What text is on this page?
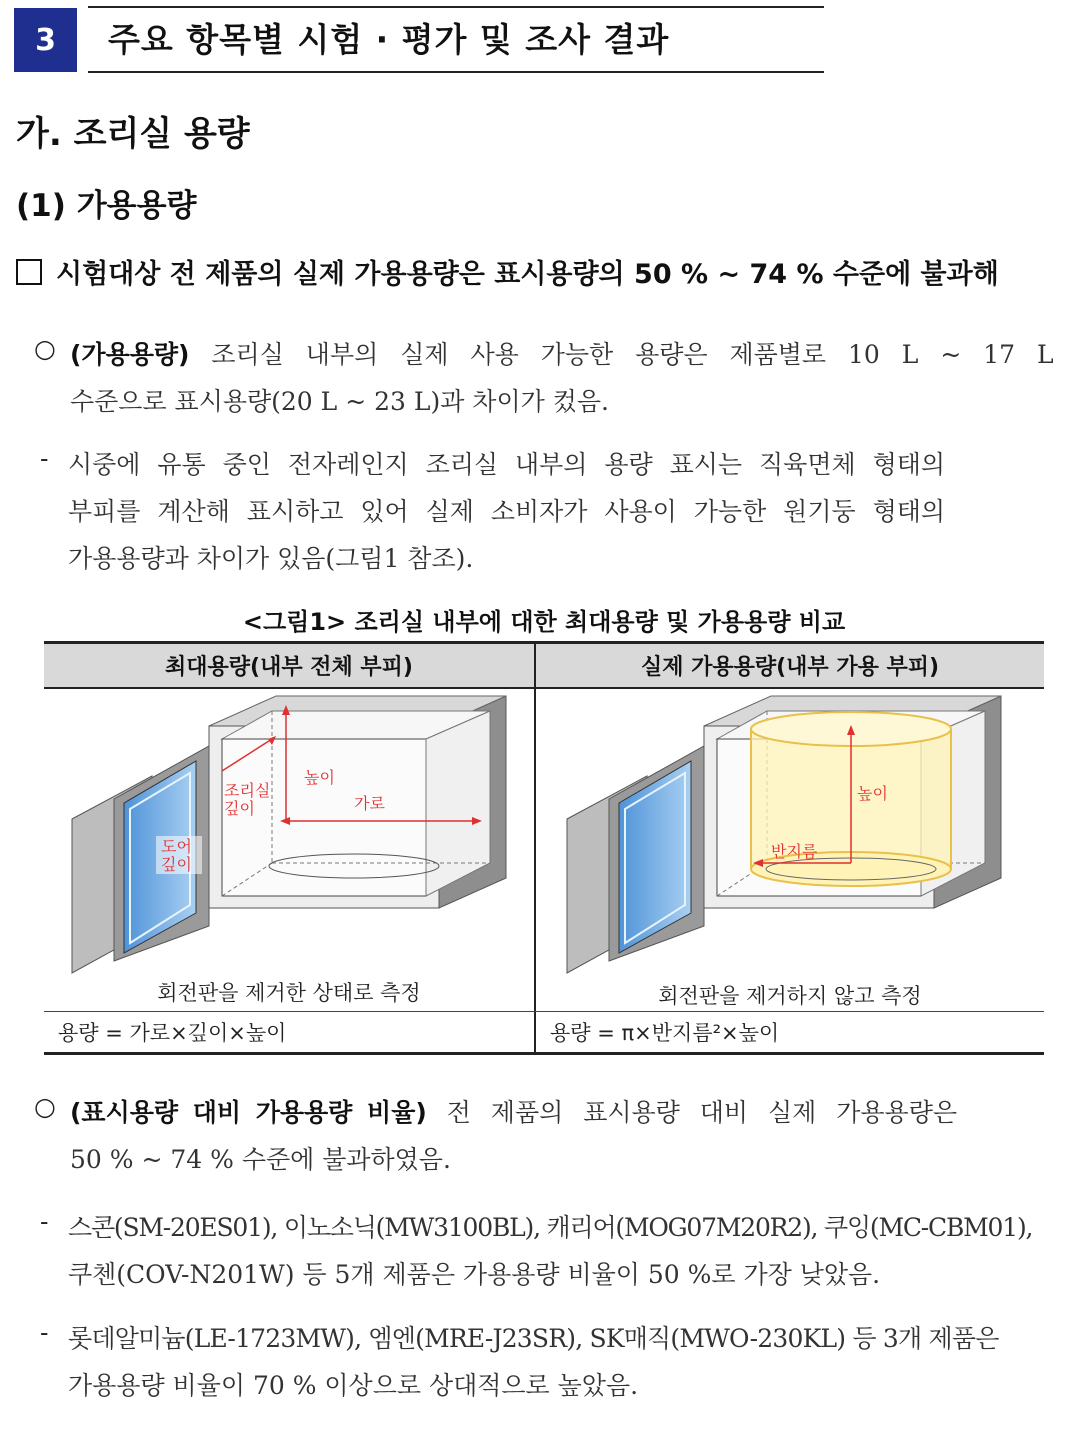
3	주요 항목별 시험 · 평가 및 조사 결과
가. 조리실 용량
(1) 가용용량
시험대상 전 제품의 실제 가용용량은 표시용량의 50 % ~ 74 % 수준에 불과해
○ (가용용량) 조리실 내부의 실제 사용 가능한 용량은 제품별로 10 L ~ 17 L
수준으로 표시용량(20 L ~ 23 L)과 차이가 컸음.
- 시중에 유통 중인 전자레인지 조리실 내부의 용량 표시는 직육면체 형태의
부피를 계산해 표시하고 있어 실제 소비자가 사용이 가능한 원기둥 형태의
가용용량과 차이가 있음(그림1 참조).
<그림1> 조리실 내부에 대한 최대용량 및 가용용량 비교
최대용량(내부 전체 부피)	실제 가용용량(내부 가용 부피)
높이
가로
조리실
깊이
도어
깊이
높이
반지름
회전판을 제거한 상태로 측정	회전판을 제거하지 않고 측정
용량 = 가로×깊이×높이	용량 = π×반지름²×높이
○ (표시용량 대비 가용용량 비율) 전 제품의 표시용량 대비 실제 가용용량은
50 % ~ 74 % 수준에 불과하였음.
- 스콘(SM-20ES01), 이노소닉(MW3100BL), 캐리어(MOG07M20R2), 쿠잉(MC-CBM01),
쿠첸(COV-N201W) 등 5개 제품은 가용용량 비율이 50 %로 가장 낮았음.
- 롯데알미늄(LE-1723MW), 엠엔(MRE-J23SR), SK매직(MWO-230KL) 등 3개 제품은
가용용량 비율이 70 % 이상으로 상대적으로 높았음.
